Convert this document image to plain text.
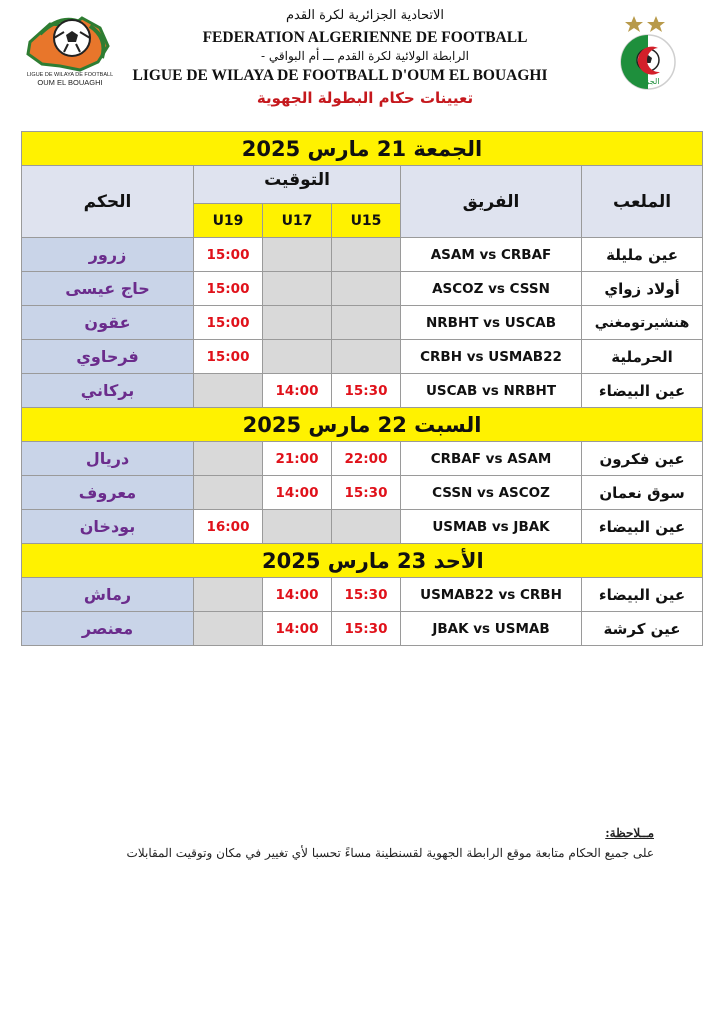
LIGUE DE WILAYA DE FOOTBALL
OUM EL BOUAGHI
الاتحادية الجزائرية لكرة القدم
FEDERATION ALGERIENNE DE FOOTBALL
الرابطة الولائية لكرة القدم ـــ أم البواقي -
LIGUE DE WILAYA DE FOOTBALL D'OUM EL BOUAGHI
تعيينات حكام البطولة الجهوية
الجزائر
الجمعة 21 مارس 2025					
الحكم	التوقيت			الفريق	الملعب
	U19	U17	U15		
زرور	15:00			ASAM vs CRBAF	عين مليلة
حاج عيسى	15:00			ASCOZ vs CSSN	أولاد زواي
عقون	15:00			NRBHT vs USCAB	هنشيرتومغني
فرحاوي	15:00			CRBH vs USMAB22	الحرملية
بركاني		14:00	15:30	USCAB vs NRBHT	عين البيضاء
السبت 22 مارس 2025					
دريال		21:00	22:00	CRBAF vs ASAM	عين فكرون
معروف		14:00	15:30	CSSN vs ASCOZ	سوق نعمان
بودخان	16:00			USMAB vs JBAK	عين البيضاء
الأحد 23 مارس 2025					
رماش		14:00	15:30	USMAB22 vs CRBH	عين البيضاء
معنصر		14:00	15:30	JBAK vs USMAB	عين كرشة
مــلاحظة:
على جميع الحكام متابعة موقع الرابطة الجهوية لقسنطينة مساءً تحسبا لأي تغيير في مكان وتوقيت المقابلات
